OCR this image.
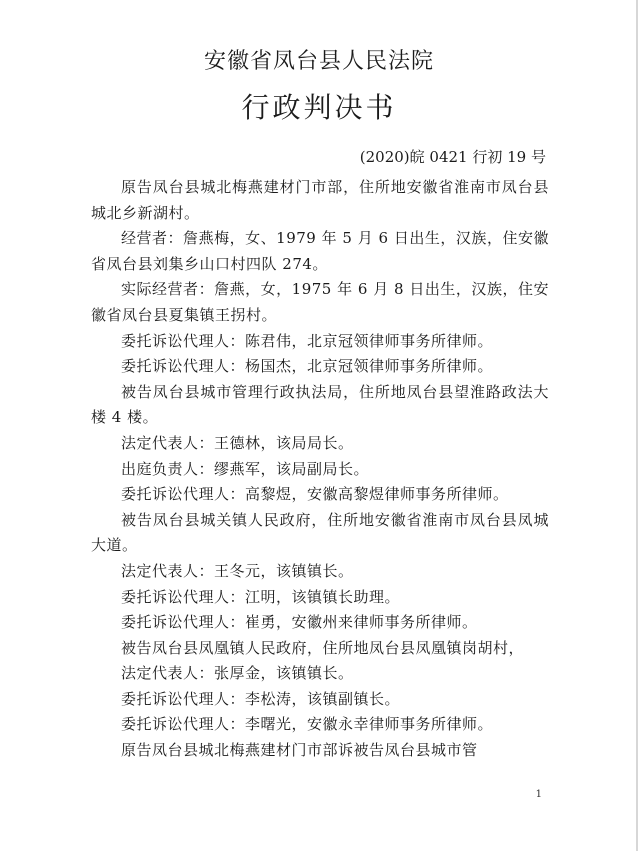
安徽省凤台县人民法院
行政判决书
(2020)皖 0421 行初 19 号

原告凤台县城北梅燕建材门市部，住所地安徽省淮南市凤台县城北乡新湖村。

经营者：詹燕梅，女、1979 年 5 月 6 日出生，汉族，住安徽省凤台县刘集乡山口村四队 274。

实际经营者：詹燕，女，1975 年 6 月 8 日出生，汉族，住安徽省凤台县夏集镇王拐村。

委托诉讼代理人：陈君伟，北京冠领律师事务所律师。

委托诉讼代理人：杨国杰，北京冠领律师事务所律师。

被告凤台县城市管理行政执法局，住所地凤台县望淮路政法大楼 4 楼。

法定代表人：王德林，该局局长。

出庭负责人：缪燕军，该局副局长。

委托诉讼代理人：高黎煜，安徽高黎煜律师事务所律师。

被告凤台县城关镇人民政府，住所地安徽省淮南市凤台县凤城大道。

法定代表人：王冬元，该镇镇长。

委托诉讼代理人：江明，该镇镇长助理。

委托诉讼代理人：崔勇，安徽州来律师事务所律师。

被告凤台县凤凰镇人民政府，住所地凤台县凤凰镇岗胡村，

法定代表人：张厚金，该镇镇长。

委托诉讼代理人：李松涛，该镇副镇长。

委托诉讼代理人：李曙光，安徽永幸律师事务所律师。

原告凤台县城北梅燕建材门市部诉被告凤台县城市管

1
